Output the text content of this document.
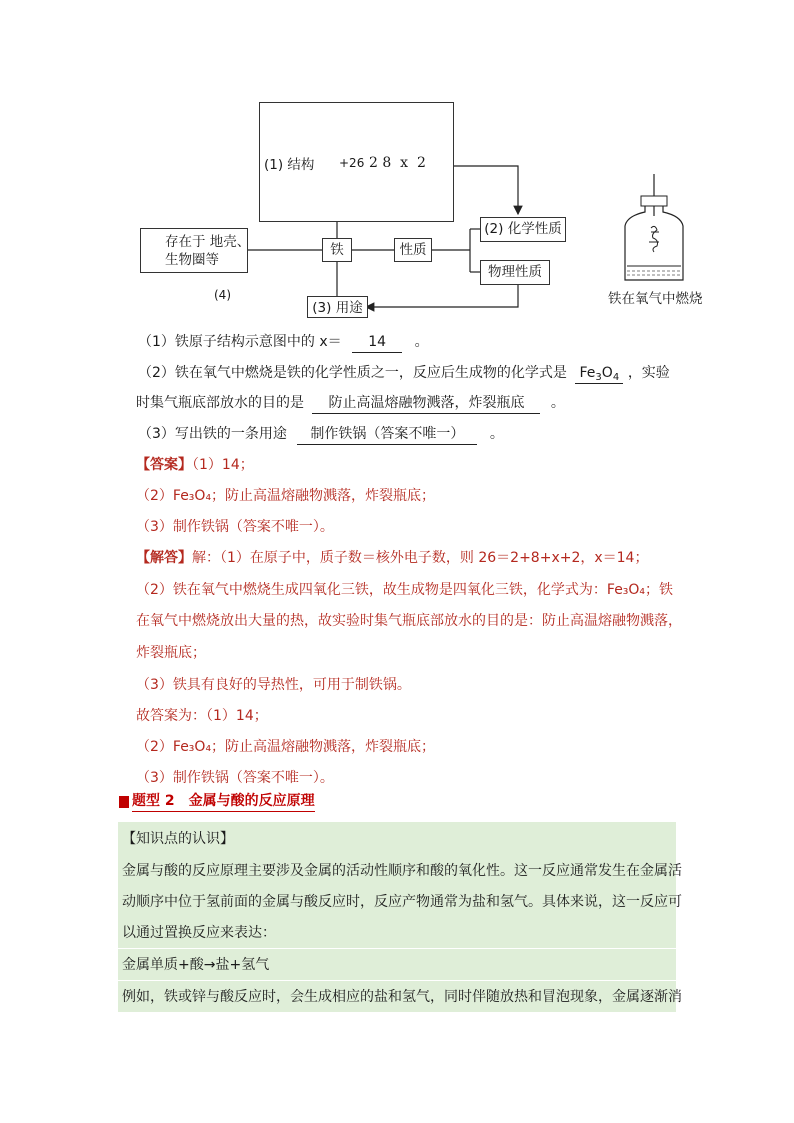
(1) 结构 +26 2 8  x  2
存在于 地壳、
生物圈等
(4)
铁	性质
(2) 化学性质
物理性质
(3) 用途
铁在氧气中燃烧
（1）铁原子结构示意图中的 x＝ 14 。
（2）铁在氧气中燃烧是铁的化学性质之一，反应后生成物的化学式是 $Fe_3O_4$ ，实验
时集气瓶底部放水的目的是 防止高温熔融物溅落，炸裂瓶底 。
（3）写出铁的一条用途 制作铁锅（答案不唯一） 。
【答案】（1）14；
（2）Fe₃O₄；防止高温熔融物溅落，炸裂瓶底；
（3）制作铁锅（答案不唯一）。
【解答】解：（1）在原子中，质子数＝核外电子数，则 26＝2+8+x+2，x＝14；
（2）铁在氧气中燃烧生成四氧化三铁，故生成物是四氧化三铁，化学式为：Fe₃O₄；铁
在氧气中燃烧放出大量的热，故实验时集气瓶底部放水的目的是：防止高温熔融物溅落，
炸裂瓶底；
（3）铁具有良好的导热性，可用于制铁锅。
故答案为：（1）14；
（2）Fe₃O₄；防止高温熔融物溅落，炸裂瓶底；
（3）制作铁锅（答案不唯一）。
题型 2　金属与酸的反应原理
【知识点的认识】
金属与酸的反应原理主要涉及金属的活动性顺序和酸的氧化性。这一反应通常发生在金属活
动顺序中位于氢前面的金属与酸反应时，反应产物通常为盐和氢气。具体来说，这一反应可
以通过置换反应来表达：
金属单质+酸→盐+氢气
例如，铁或锌与酸反应时，会生成相应的盐和氢气，同时伴随放热和冒泡现象，金属逐渐消
